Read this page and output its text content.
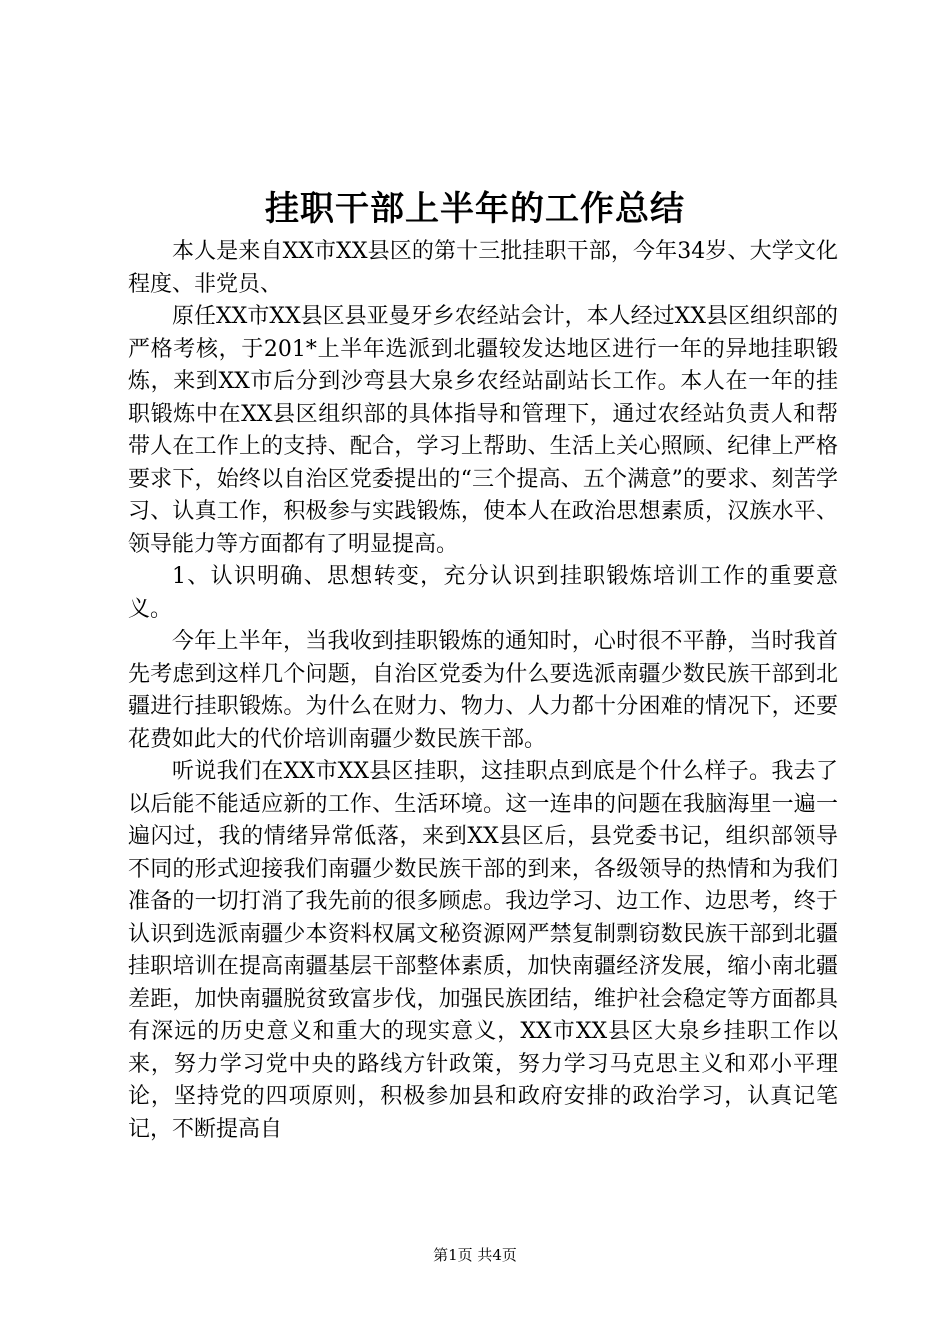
挂职干部上半年的工作总结

本人是来自XX市XX县区的第十三批挂职干部，今年34岁、大学文化程度、非党员、

原任XX市XX县区县亚曼牙乡农经站会计，本人经过XX县区组织部的严格考核，于201*上半年选派到北疆较发达地区进行一年的异地挂职锻炼，来到XX市后分到沙弯县大泉乡农经站副站长工作。本人在一年的挂职锻炼中在XX县区组织部的具体指导和管理下，通过农经站负责人和帮带人在工作上的支持、配合，学习上帮助、生活上关心照顾、纪律上严格要求下，始终以自治区党委提出的“三个提高、五个满意”的要求、刻苦学习、认真工作，积极参与实践锻炼，使本人在政治思想素质，汉族水平、领导能力等方面都有了明显提高。

1、认识明确、思想转变，充分认识到挂职锻炼培训工作的重要意义。

今年上半年，当我收到挂职锻炼的通知时，心时很不平静，当时我首先考虑到这样几个问题，自治区党委为什么要选派南疆少数民族干部到北疆进行挂职锻炼。为什么在财力、物力、人力都十分困难的情况下，还要花费如此大的代价培训南疆少数民族干部。

听说我们在XX市XX县区挂职，这挂职点到底是个什么样子。我去了以后能不能适应新的工作、生活环境。这一连串的问题在我脑海里一遍一遍闪过，我的情绪异常低落，来到XX县区后，县党委书记，组织部领导不同的形式迎接我们南疆少数民族干部的到来，各级领导的热情和为我们准备的一切打消了我先前的很多顾虑。我边学习、边工作、边思考，终于认识到选派南疆少本资料权属文秘资源网严禁复制剽窃数民族干部到北疆挂职培训在提高南疆基层干部整体素质，加快南疆经济发展，缩小南北疆差距，加快南疆脱贫致富步伐，加强民族团结，维护社会稳定等方面都具有深远的历史意义和重大的现实意义，XX市XX县区大泉乡挂职工作以来，努力学习党中央的路线方针政策，努力学习马克思主义和邓小平理论，坚持党的四项原则，积极参加县和政府安排的政治学习，认真记笔记，不断提高自

第1页 共4页
